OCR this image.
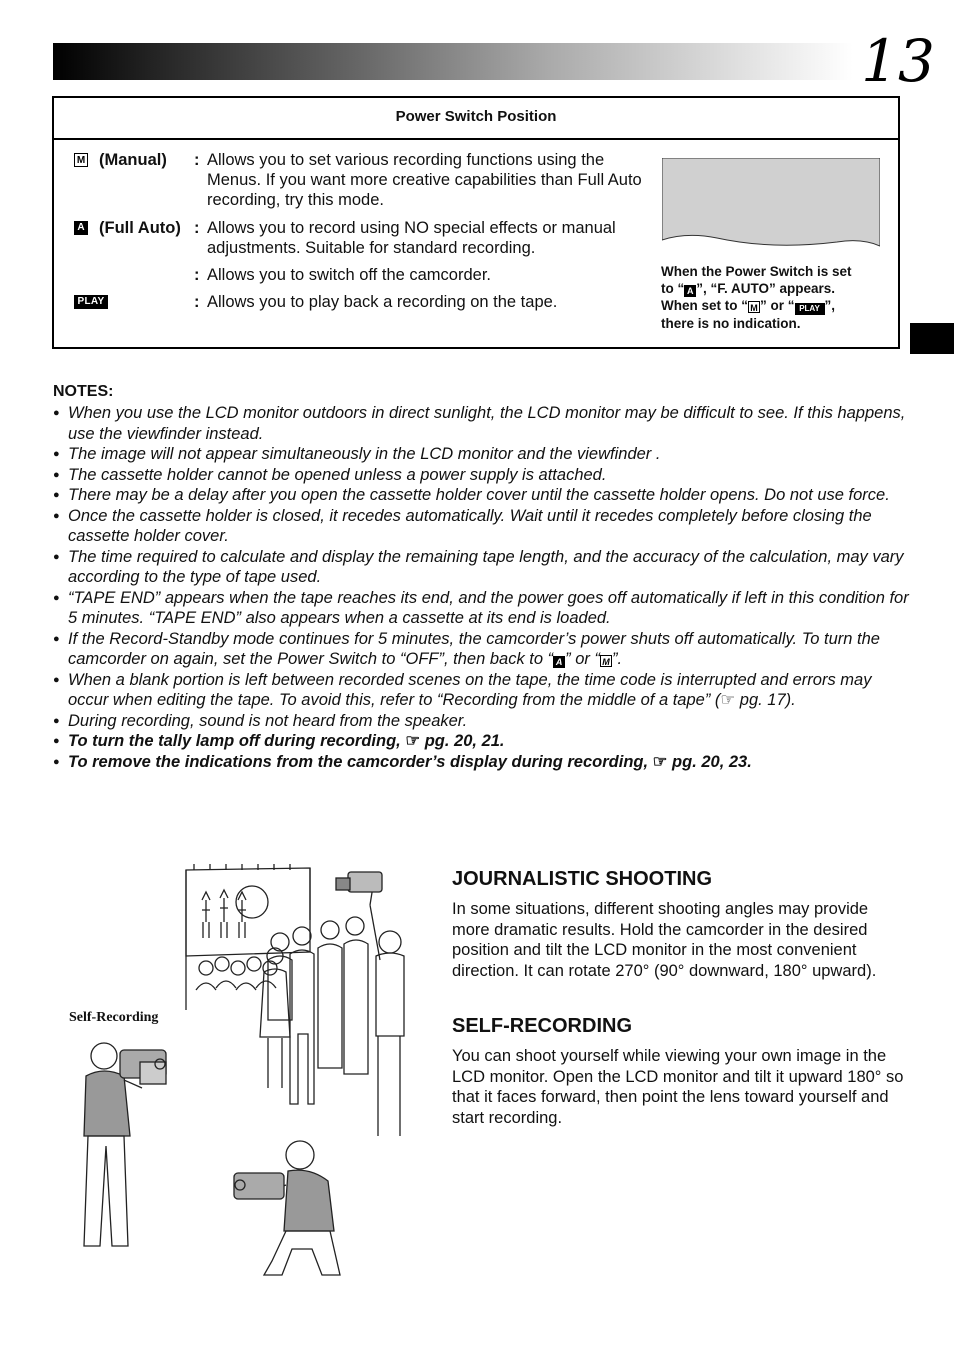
13
Power Switch Position
M (Manual) : Allows you to set various recording functions using the Menus. If you want more creative capabilities than Full Auto recording, try this mode.
A (Full Auto) : Allows you to record using NO special effects or manual adjustments. Suitable for standard recording.
: Allows you to switch off the camcorder.
PLAY	: Allows you to play back a recording on the tape.
When the Power Switch is set
to “ A ”, “F. AUTO” appears.
When set to “ M ” or “ PLAY ”,
there is no indication.
NOTES:
● When you use the LCD monitor outdoors in direct sunlight, the LCD monitor may be difficult to see. If this happens, use the viewfinder instead.
● The image will not appear simultaneously in the LCD monitor and the viewfinder .
● The cassette holder cannot be opened unless a power supply is attached.
● There may be a delay after you open the cassette holder cover until the cassette holder opens. Do not use force.
● Once the cassette holder is closed, it recedes automatically. Wait until it recedes completely before closing the cassette holder cover.
● The time required to calculate and display the remaining tape length, and the accuracy of the calculation, may vary according to the type of tape used.
● “TAPE END” appears when the tape reaches its end, and the power goes off automatically if left in this condition for 5 minutes. “TAPE END” also appears when a cassette at its end is loaded.
● If the Record-Standby mode continues for 5 minutes, the camcorder’s power shuts off automatically. To turn the camcorder on again, set the Power Switch to “OFF”, then back to “ A ” or “ M ”.
● When a blank portion is left between recorded scenes on the tape, the time code is interrupted and errors may occur when editing the tape. To avoid this, refer to “Recording from the middle of a tape” (☞ pg. 17).
● During recording, sound is not heard from the speaker.
● To turn the tally lamp off during recording, ☞ pg. 20, 21.
● To remove the indications from the camcorder’s display during recording, ☞ pg. 20, 23.
Self-Recording
JOURNALISTIC SHOOTING
In some situations, different shooting angles may provide more dramatic results. Hold the camcorder in the desired position and tilt the LCD monitor in the most convenient direction. It can rotate 270° (90° downward, 180° upward).
SELF-RECORDING
You can shoot yourself while viewing your own image in the LCD monitor. Open the LCD monitor and tilt it upward 180° so that it faces forward, then point the lens toward yourself and start recording.
